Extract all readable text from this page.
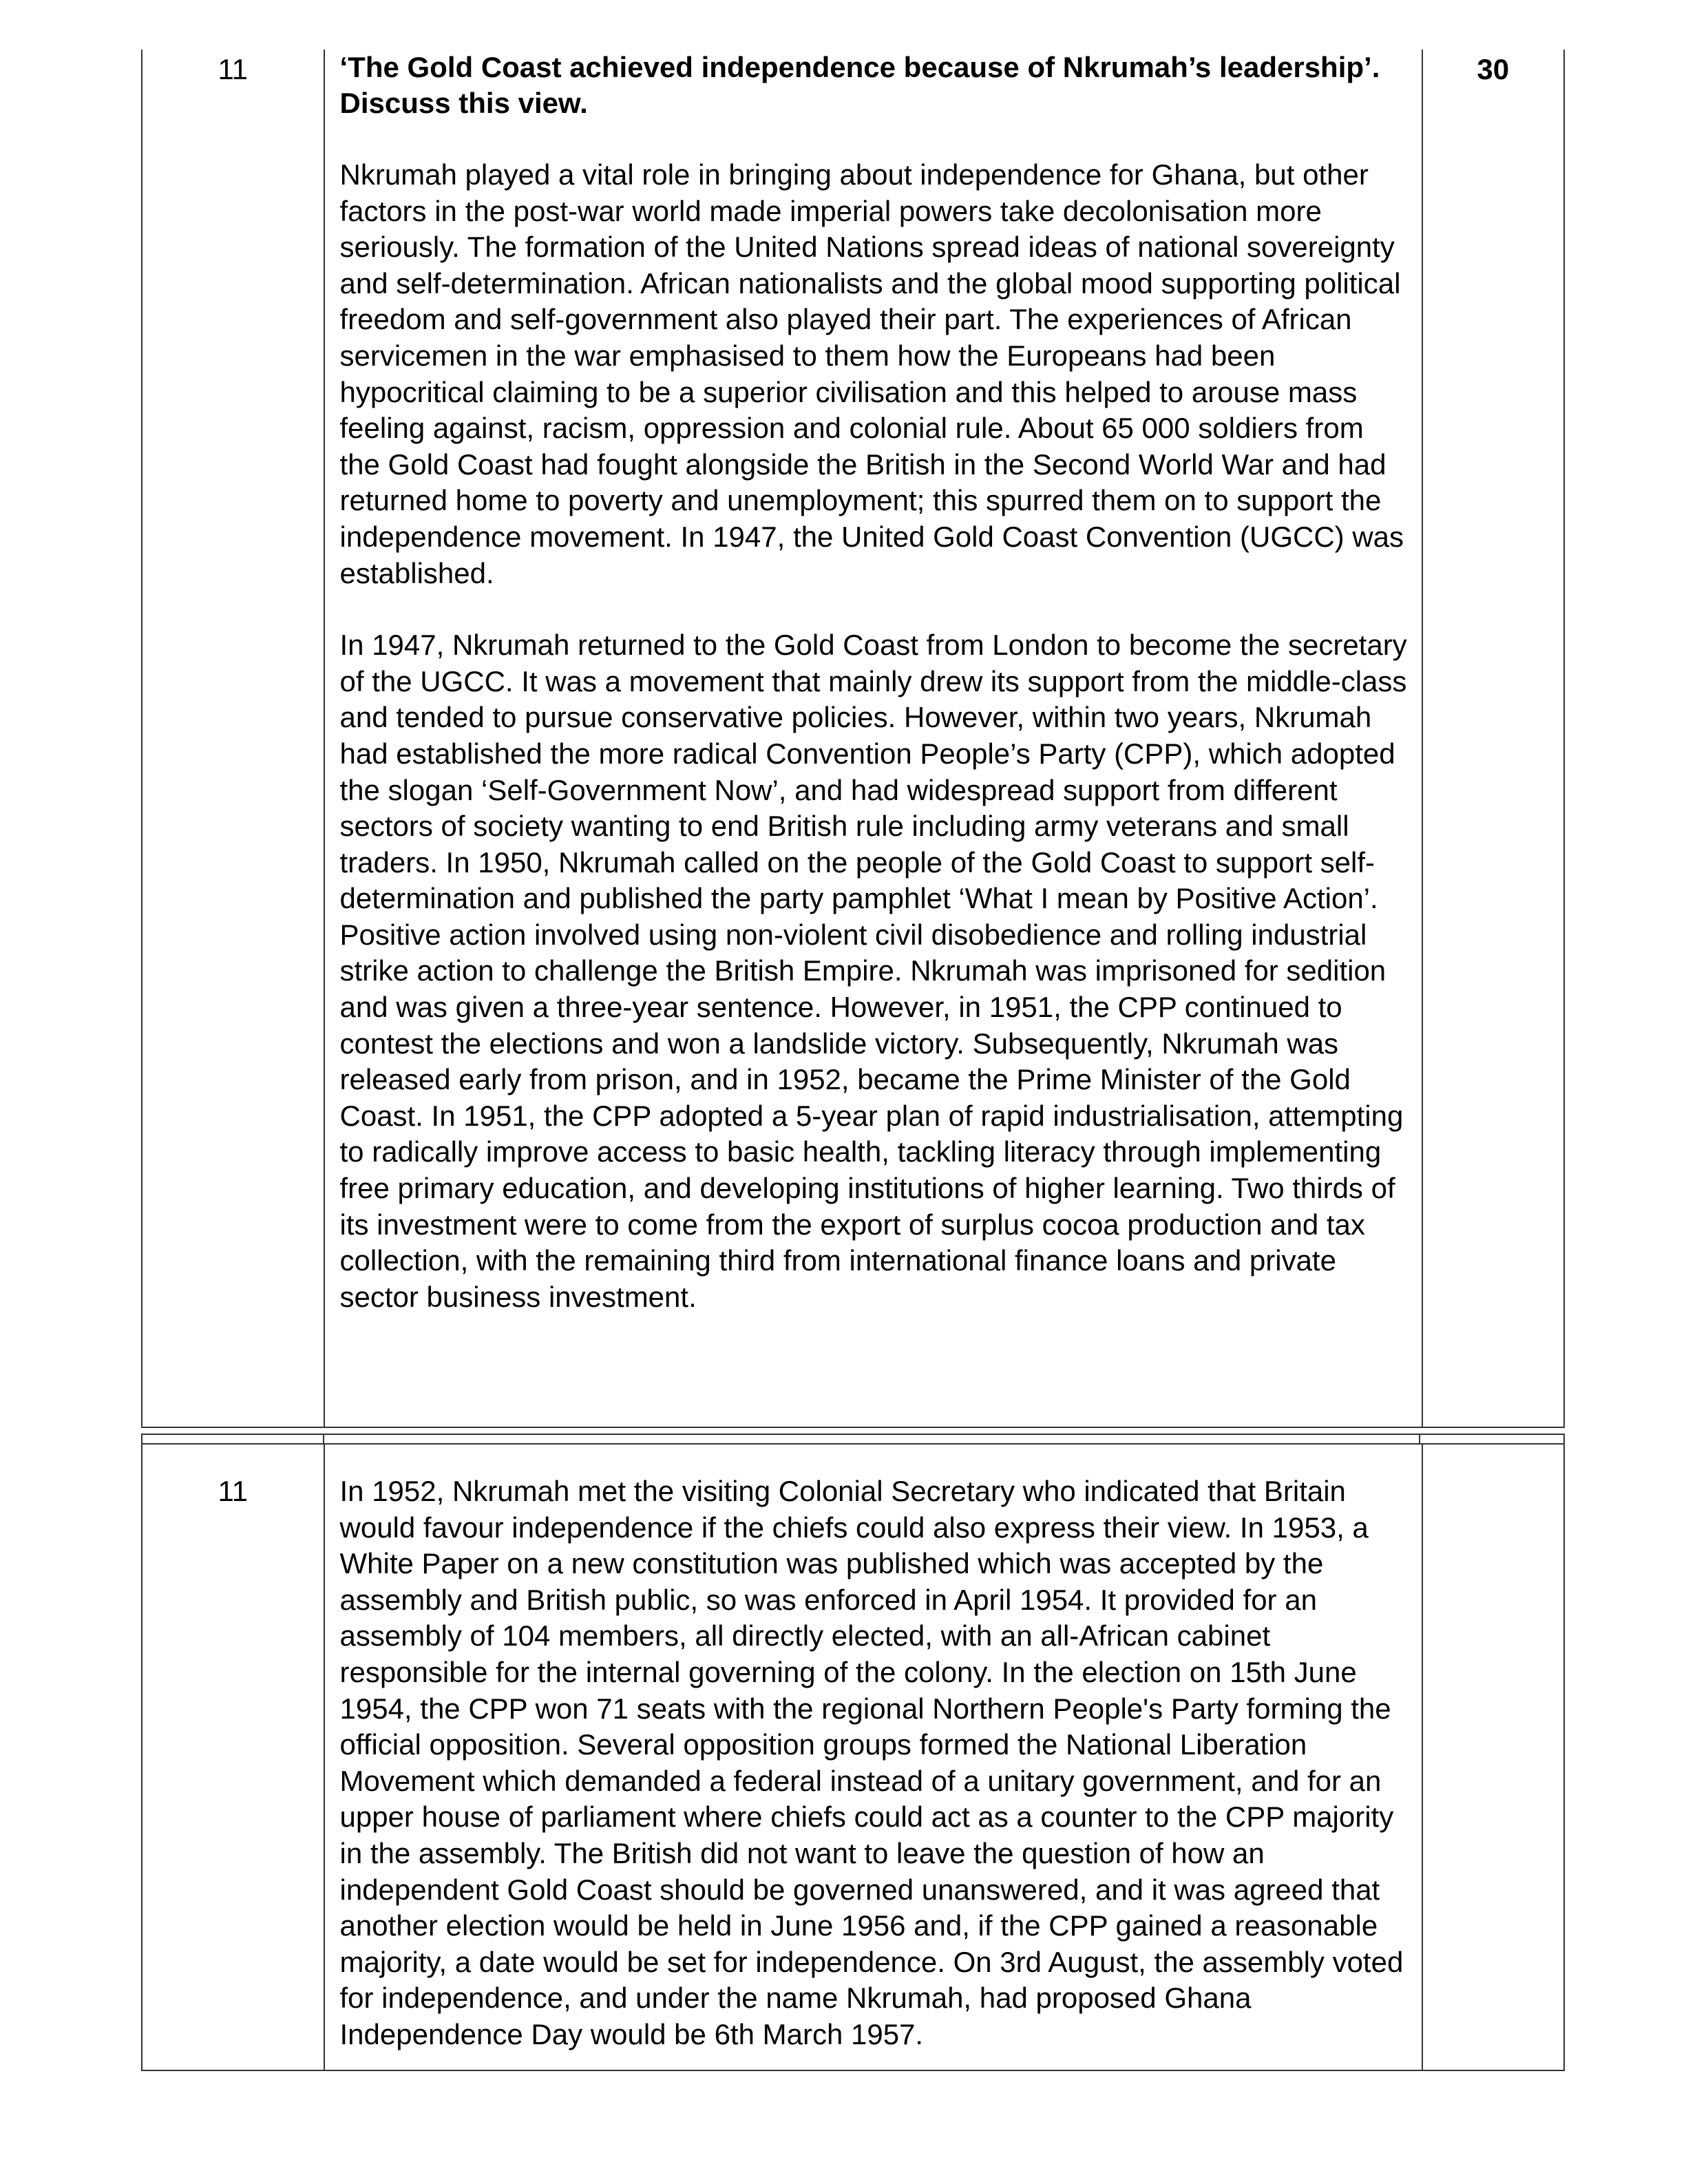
11	‘The Gold Coast achieved independence because of Nkrumah’s leadership’. Discuss this view.

Nkrumah played a vital role in bringing about independence for Ghana, but other factors in the post-war world made imperial powers take decolonisation more seriously. The formation of the United Nations spread ideas of national sovereignty and self-determination. African nationalists and the global mood supporting political freedom and self-government also played their part. The experiences of African servicemen in the war emphasised to them how the Europeans had been hypocritical claiming to be a superior civilisation and this helped to arouse mass feeling against, racism, oppression and colonial rule. About 65 000 soldiers from the Gold Coast had fought alongside the British in the Second World War and had returned home to poverty and unemployment; this spurred them on to support the independence movement. In 1947, the United Gold Coast Convention (UGCC) was established.

In 1947, Nkrumah returned to the Gold Coast from London to become the secretary of the UGCC. It was a movement that mainly drew its support from the middle-class and tended to pursue conservative policies. However, within two years, Nkrumah had established the more radical Convention People’s Party (CPP), which adopted the slogan ‘Self-Government Now’, and had widespread support from different sectors of society wanting to end British rule including army veterans and small traders. In 1950, Nkrumah called on the people of the Gold Coast to support self-determination and published the party pamphlet ‘What I mean by Positive Action’. Positive action involved using non-violent civil disobedience and rolling industrial strike action to challenge the British Empire. Nkrumah was imprisoned for sedition and was given a three-year sentence. However, in 1951, the CPP continued to contest the elections and won a landslide victory. Subsequently, Nkrumah was released early from prison, and in 1952, became the Prime Minister of the Gold Coast. In 1951, the CPP adopted a 5-year plan of rapid industrialisation, attempting to radically improve access to basic health, tackling literacy through implementing free primary education, and developing institutions of higher learning. Two thirds of its investment were to come from the export of surplus cocoa production and tax collection, with the remaining third from international finance loans and private sector business investment.

	30
11	In 1952, Nkrumah met the visiting Colonial Secretary who indicated that Britain would favour independence if the chiefs could also express their view. In 1953, a White Paper on a new constitution was published which was accepted by the assembly and British public, so was enforced in April 1954. It provided for an assembly of 104 members, all directly elected, with an all-African cabinet responsible for the internal governing of the colony. In the election on 15th June 1954, the CPP won 71 seats with the regional Northern People's Party forming the official opposition. Several opposition groups formed the National Liberation Movement which demanded a federal instead of a unitary government, and for an upper house of parliament where chiefs could act as a counter to the CPP majority in the assembly. The British did not want to leave the question of how an independent Gold Coast should be governed unanswered, and it was agreed that another election would be held in June 1956 and, if the CPP gained a reasonable majority, a date would be set for independence. On 3rd August, the assembly voted for independence, and under the name Nkrumah, had proposed Ghana Independence Day would be 6th March 1957.
